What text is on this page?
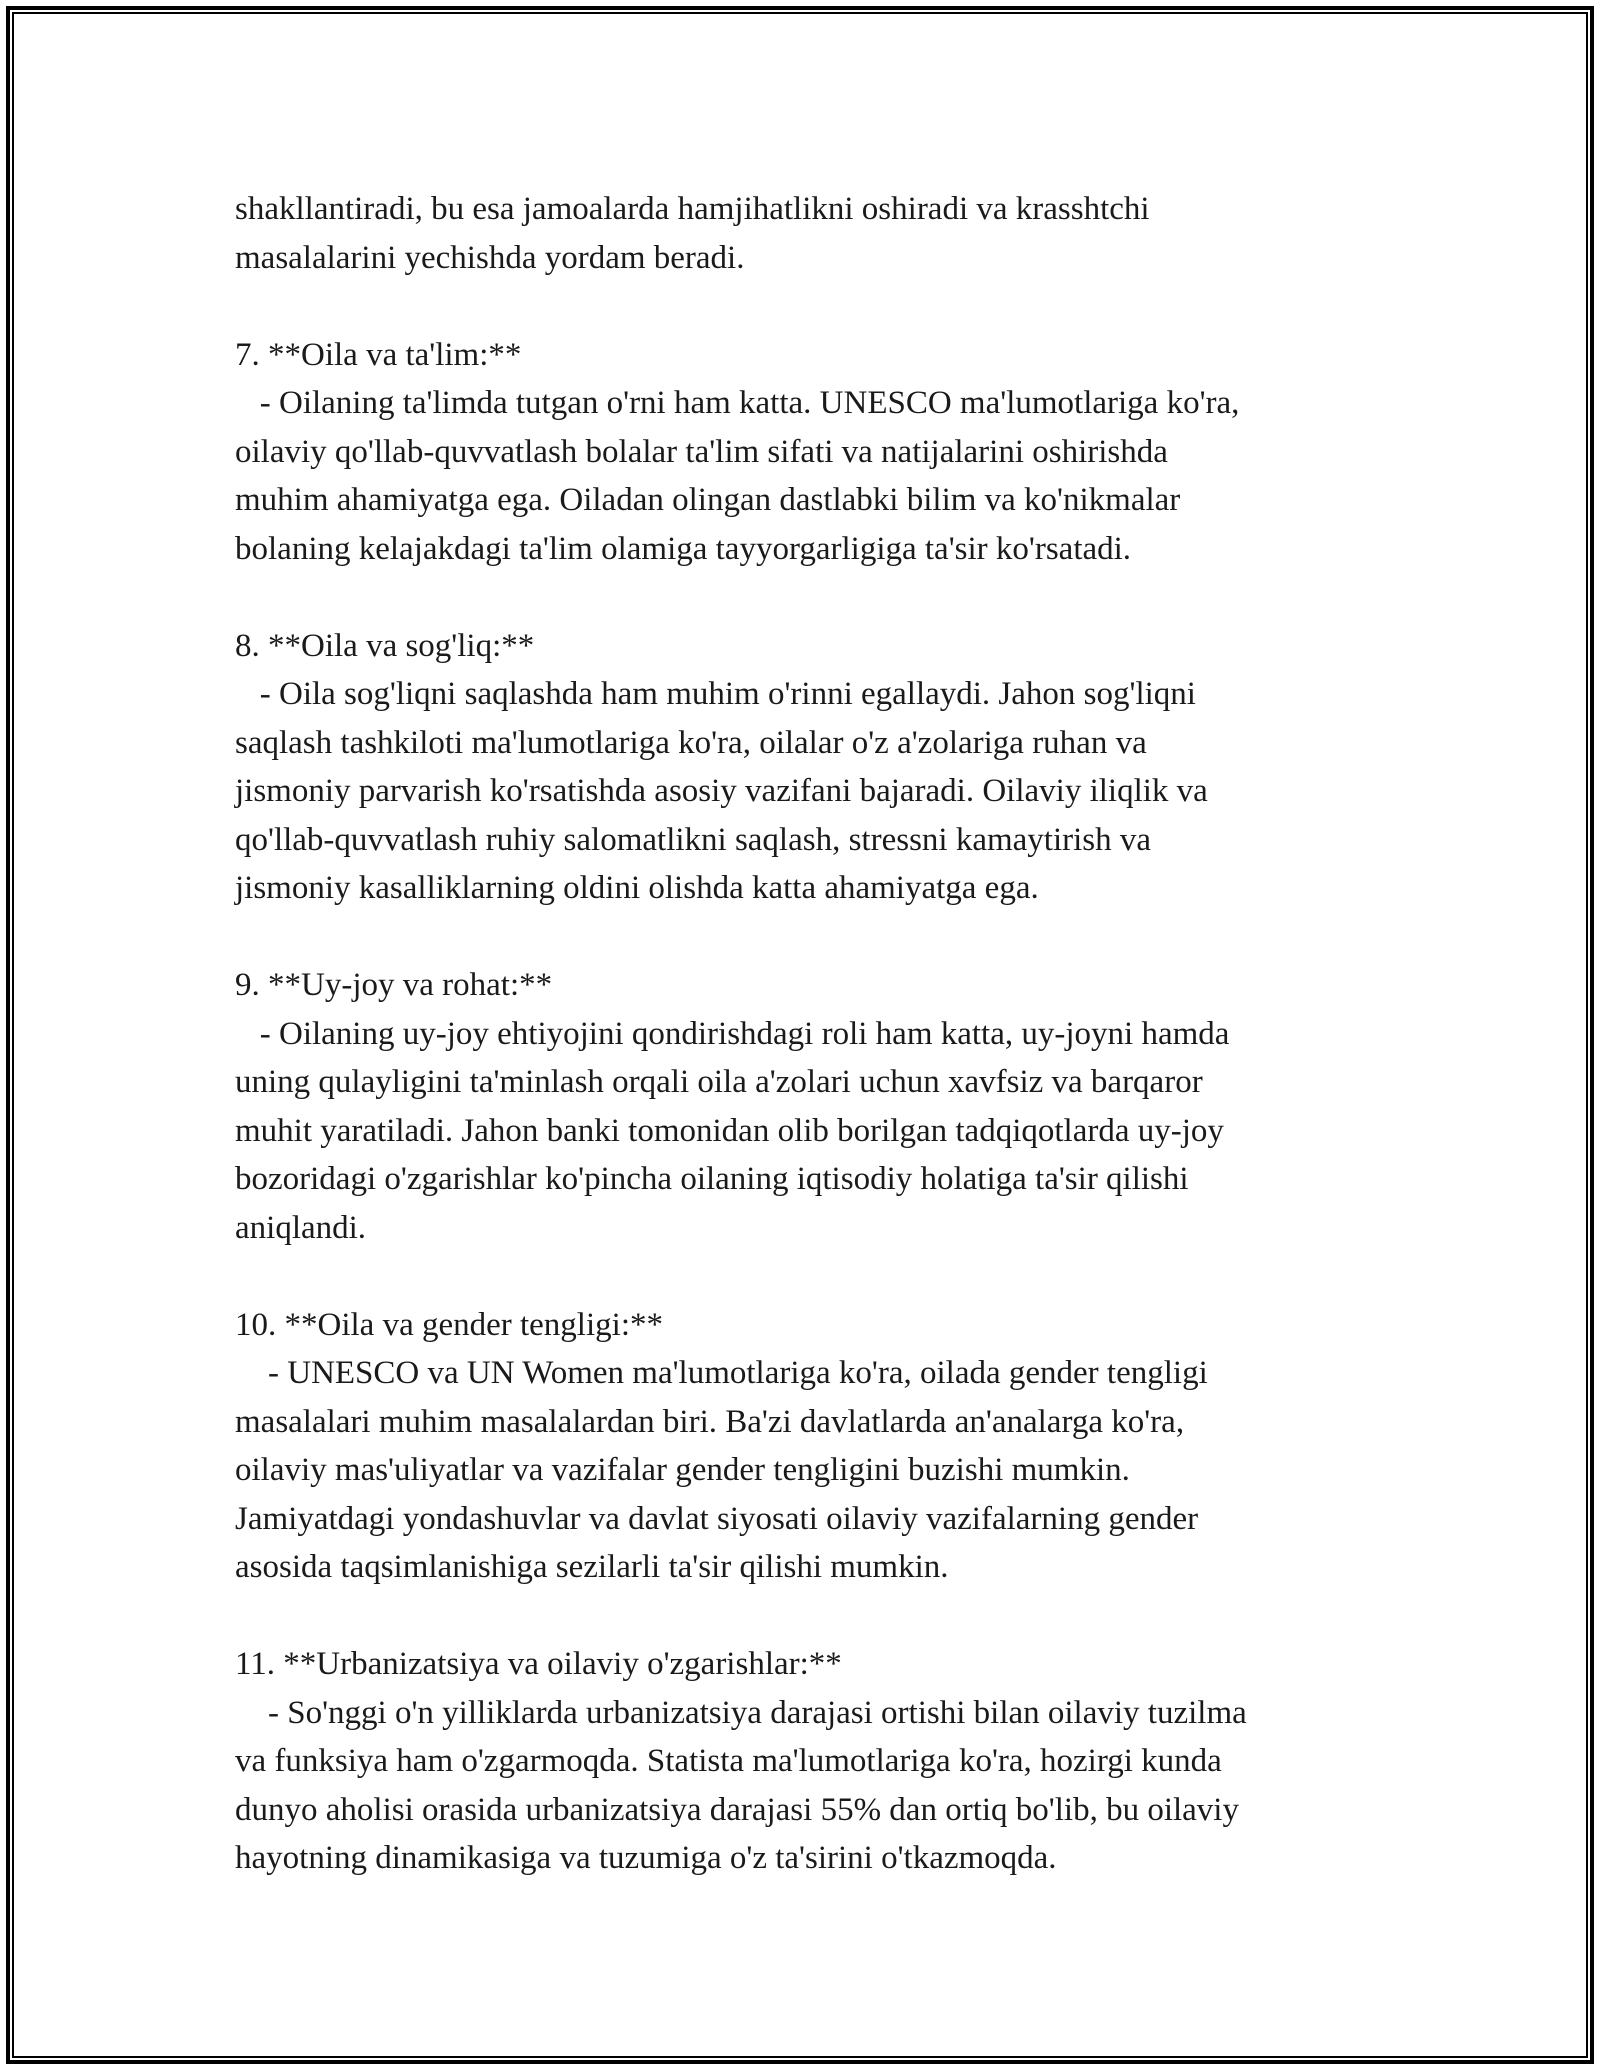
shakllantiradi, bu esa jamoalarda hamjihatlikni oshiradi va krasshtchi

masalalarini yechishda yordam beradi.

7. **Oila va ta'lim:**

- Oilaning ta'limda tutgan o'rni ham katta. UNESCO ma'lumotlariga ko'ra,

oilaviy qo'llab-quvvatlash bolalar ta'lim sifati va natijalarini oshirishda

muhim ahamiyatga ega. Oiladan olingan dastlabki bilim va ko'nikmalar

bolaning kelajakdagi ta'lim olamiga tayyorgarligiga ta'sir ko'rsatadi.

8. **Oila va sog'liq:**

- Oila sog'liqni saqlashda ham muhim o'rinni egallaydi. Jahon sog'liqni

saqlash tashkiloti ma'lumotlariga ko'ra, oilalar o'z a'zolariga ruhan va

jismoniy parvarish ko'rsatishda asosiy vazifani bajaradi. Oilaviy iliqlik va

qo'llab-quvvatlash ruhiy salomatlikni saqlash, stressni kamaytirish va

jismoniy kasalliklarning oldini olishda katta ahamiyatga ega.

9. **Uy-joy va rohat:**

- Oilaning uy-joy ehtiyojini qondirishdagi roli ham katta, uy-joyni hamda

uning qulayligini ta'minlash orqali oila a'zolari uchun xavfsiz va barqaror

muhit yaratiladi. Jahon banki tomonidan olib borilgan tadqiqotlarda uy-joy

bozoridagi o'zgarishlar ko'pincha oilaning iqtisodiy holatiga ta'sir qilishi

aniqlandi.

10. **Oila va gender tengligi:**

- UNESCO va UN Women ma'lumotlariga ko'ra, oilada gender tengligi

masalalari muhim masalalardan biri. Ba'zi davlatlarda an'analarga ko'ra,

oilaviy mas'uliyatlar va vazifalar gender tengligini buzishi mumkin.

Jamiyatdagi yondashuvlar va davlat siyosati oilaviy vazifalarning gender

asosida taqsimlanishiga sezilarli ta'sir qilishi mumkin.

11. **Urbanizatsiya va oilaviy o'zgarishlar:**

- So'nggi o'n yilliklarda urbanizatsiya darajasi ortishi bilan oilaviy tuzilma

va funksiya ham o'zgarmoqda. Statista ma'lumotlariga ko'ra, hozirgi kunda

dunyo aholisi orasida urbanizatsiya darajasi 55% dan ortiq bo'lib, bu oilaviy

hayotning dinamikasiga va tuzumiga o'z ta'sirini o'tkazmoqda.
